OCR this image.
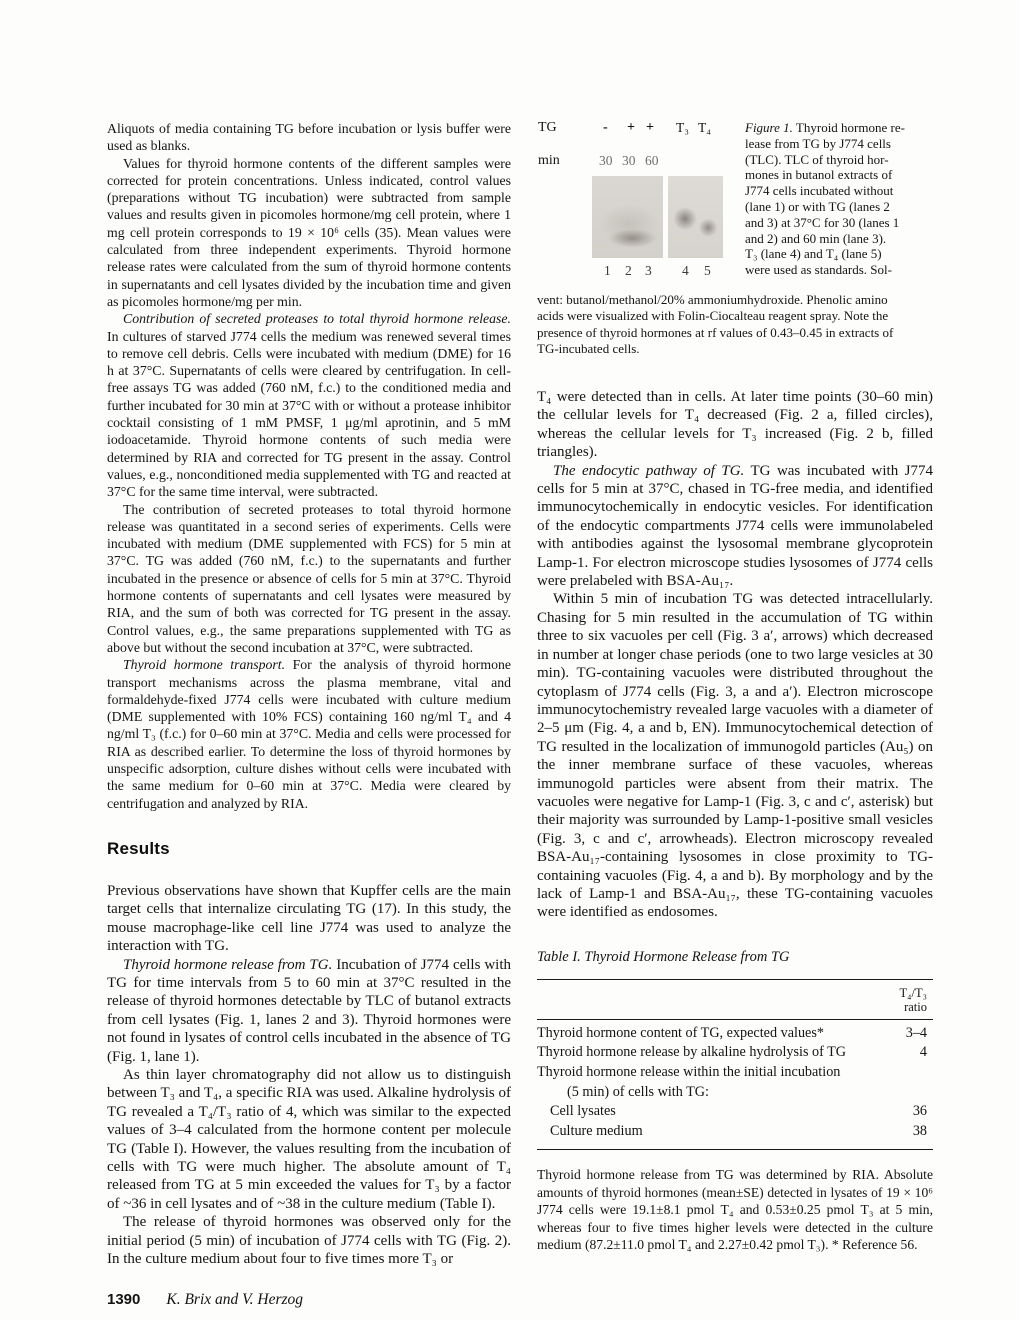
Aliquots of media containing TG before incubation or lysis buffer were used as blanks.

Values for thyroid hormone contents of the different samples were corrected for protein concentrations. Unless indicated, control values (preparations without TG incubation) were subtracted from sample values and results given in picomoles hormone/mg cell protein, where 1 mg cell protein corresponds to 19 × 10⁶ cells (35). Mean values were calculated from three independent experiments. Thyroid hormone release rates were calculated from the sum of thyroid hormone contents in supernatants and cell lysates divided by the incubation time and given as picomoles hormone/mg per min.

Contribution of secreted proteases to total thyroid hormone release. In cultures of starved J774 cells the medium was renewed several times to remove cell debris. Cells were incubated with medium (DME) for 16 h at 37°C. Supernatants of cells were cleared by centrifugation. In cell-free assays TG was added (760 nM, f.c.) to the conditioned media and further incubated for 30 min at 37°C with or without a protease inhibitor cocktail consisting of 1 mM PMSF, 1 μg/ml aprotinin, and 5 mM iodoacetamide. Thyroid hormone contents of such media were determined by RIA and corrected for TG present in the assay. Control values, e.g., nonconditioned media supplemented with TG and reacted at 37°C for the same time interval, were subtracted.

The contribution of secreted proteases to total thyroid hormone release was quantitated in a second series of experiments. Cells were incubated with medium (DME supplemented with FCS) for 5 min at 37°C. TG was added (760 nM, f.c.) to the supernatants and further incubated in the presence or absence of cells for 5 min at 37°C. Thyroid hormone contents of supernatants and cell lysates were measured by RIA, and the sum of both was corrected for TG present in the assay. Control values, e.g., the same preparations supplemented with TG as above but without the second incubation at 37°C, were subtracted.

Thyroid hormone transport. For the analysis of thyroid hormone transport mechanisms across the plasma membrane, vital and formaldehyde-fixed J774 cells were incubated with culture medium (DME supplemented with 10% FCS) containing 160 ng/ml T₄ and 4 ng/ml T₃ (f.c.) for 0–60 min at 37°C. Media and cells were processed for RIA as described earlier. To determine the loss of thyroid hormones by unspecific adsorption, culture dishes without cells were incubated with the same medium for 0–60 min at 37°C. Media were cleared by centrifugation and analyzed by RIA.

Results

Previous observations have shown that Kupffer cells are the main target cells that internalize circulating TG (17). In this study, the mouse macrophage-like cell line J774 was used to analyze the interaction with TG.

Thyroid hormone release from TG. Incubation of J774 cells with TG for time intervals from 5 to 60 min at 37°C resulted in the release of thyroid hormones detectable by TLC of butanol extracts from cell lysates (Fig. 1, lanes 2 and 3). Thyroid hormones were not found in lysates of control cells incubated in the absence of TG (Fig. 1, lane 1).

As thin layer chromatography did not allow us to distinguish between T₃ and T₄, a specific RIA was used. Alkaline hydrolysis of TG revealed a T₄/T₃ ratio of 4, which was similar to the expected values of 3–4 calculated from the hormone content per molecule TG (Table I). However, the values resulting from the incubation of cells with TG were much higher. The absolute amount of T₄ released from TG at 5 min exceeded the values for T₃ by a factor of ~36 in cell lysates and of ~38 in the culture medium (Table I).

The release of thyroid hormones was observed only for the initial period (5 min) of incubation of J774 cells with TG (Fig. 2). In the culture medium about four to five times more T₃ or

TG	- + + T₃ T₄
min	30 30 60
1 2 3 4 5
Figure 1. Thyroid hormone re-
lease from TG by J774 cells
(TLC). TLC of thyroid hor-
mones in butanol extracts of
J774 cells incubated without
(lane 1) or with TG (lanes 2
and 3) at 37°C for 30 (lanes 1
and 2) and 60 min (lane 3).
T₃ (lane 4) and T₄ (lane 5)
were used as standards. Sol-
vent: butanol/methanol/20% ammoniumhydroxide. Phenolic amino
acids were visualized with Folin-Ciocalteau reagent spray. Note the
presence of thyroid hormones at rf values of 0.43–0.45 in extracts of
TG-incubated cells.

T₄ were detected than in cells. At later time points (30–60 min) the cellular levels for T₄ decreased (Fig. 2 a, filled circles), whereas the cellular levels for T₃ increased (Fig. 2 b, filled triangles).

The endocytic pathway of TG. TG was incubated with J774 cells for 5 min at 37°C, chased in TG-free media, and identified immunocytochemically in endocytic vesicles. For identification of the endocytic compartments J774 cells were immunolabeled with antibodies against the lysosomal membrane glycoprotein Lamp-1. For electron microscope studies lysosomes of J774 cells were prelabeled with BSA-Au₁₇.

Within 5 min of incubation TG was detected intracellularly. Chasing for 5 min resulted in the accumulation of TG within three to six vacuoles per cell (Fig. 3 a′, arrows) which decreased in number at longer chase periods (one to two large vesicles at 30 min). TG-containing vacuoles were distributed throughout the cytoplasm of J774 cells (Fig. 3, a and a′). Electron microscope immunocytochemistry revealed large vacuoles with a diameter of 2–5 μm (Fig. 4, a and b, EN). Immunocytochemical detection of TG resulted in the localization of immunogold particles (Au₅) on the inner membrane surface of these vacuoles, whereas immunogold particles were absent from their matrix. The vacuoles were negative for Lamp-1 (Fig. 3, c and c′, asterisk) but their majority was surrounded by Lamp-1-positive small vesicles (Fig. 3, c and c′, arrowheads). Electron microscopy revealed BSA-Au₁₇-containing lysosomes in close proximity to TG-containing vacuoles (Fig. 4, a and b). By morphology and by the lack of Lamp-1 and BSA-Au₁₇, these TG-containing vacuoles were identified as endosomes.

Table I. Thyroid Hormone Release from TG

T₄/T₃
ratio
Thyroid hormone content of TG, expected values*	3–4
Thyroid hormone release by alkaline hydrolysis of TG	4
Thyroid hormone release within the initial incubation
(5 min) of cells with TG:
Cell lysates	36
Culture medium	38

Thyroid hormone release from TG was determined by RIA. Absolute amounts of thyroid hormones (mean±SE) detected in lysates of 19 × 10⁶ J774 cells were 19.1±8.1 pmol T₄ and 0.53±0.25 pmol T₃ at 5 min, whereas four to five times higher levels were detected in the culture medium (87.2±11.0 pmol T₄ and 2.27±0.42 pmol T₃). * Reference 56.

1390 K. Brix and V. Herzog
